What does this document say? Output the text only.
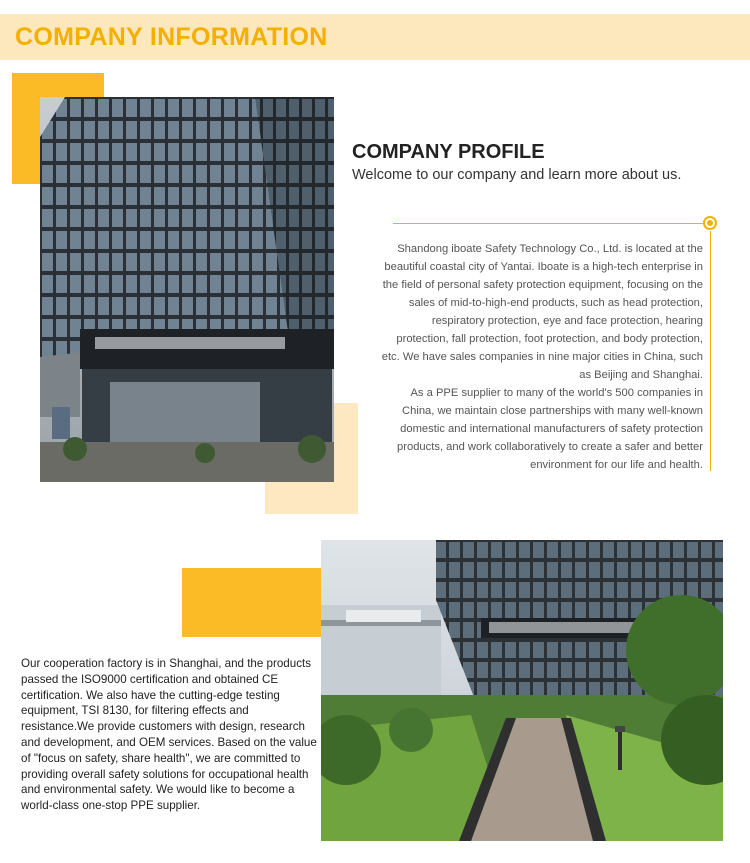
COMPANY INFORMATION
COMPANY PROFILE
Welcome to our company and learn more about us.

Shandong iboate Safety Technology Co., Ltd. is located at the beautiful coastal city of Yantai. Iboate is a high-tech enterprise in the field of personal safety protection equipment, focusing on the sales of mid-to-high-end products, such as head protection, respiratory protection, eye and face protection, hearing protection, fall protection, foot protection, and body protection, etc. We have sales companies in nine major cities in China, such as Beijing and Shanghai.

As a PPE supplier to many of the world's 500 companies in China, we maintain close partnerships with many well-known domestic and international manufacturers of safety protection products, and work collaboratively to create a safer and better environment for our life and health.

Our cooperation factory is in Shanghai, and the products passed the ISO9000 certification and obtained CE certification. We also have the cutting-edge testing equipment, TSI 8130, for filtering effects and resistance.We provide customers with design, research and development, and OEM services. Based on the value of "focus on safety, share health", we are committed to providing overall safety solutions for occupational health and environmental safety. We would like to become a world-class one-stop PPE supplier.
